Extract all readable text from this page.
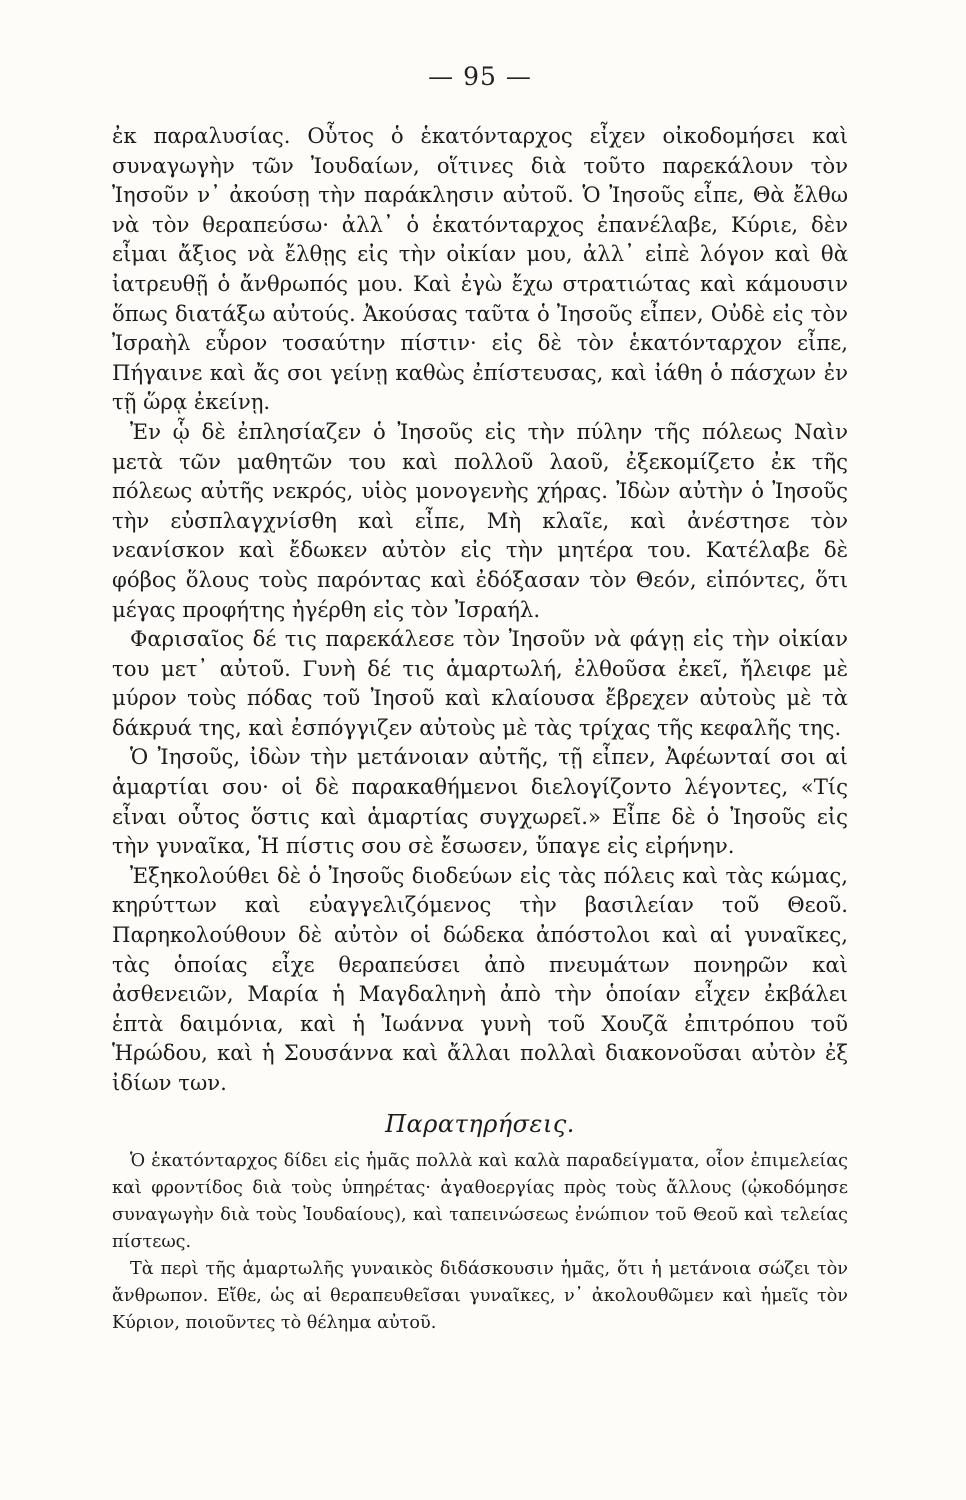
— 95 —

ἐκ παραλυσίας. Οὗτος ὁ ἑκατόνταρχος εἶχεν οἰκοδομήσει καὶ συναγωγὴν τῶν Ἰουδαίων, οἵτινες διὰ τοῦτο παρεκάλουν τὸν Ἰησοῦν ν᾽ ἀκούσῃ τὴν παράκλησιν αὐτοῦ. Ὁ Ἰησοῦς εἶπε, Θὰ ἔλθω νὰ τὸν θεραπεύσω· ἀλλ᾽ ὁ ἑκατόνταρχος ἐπανέλαβε, Κύριε, δὲν εἶμαι ἄξιος νὰ ἔλθῃς εἰς τὴν οἰκίαν μου, ἀλλ᾽ εἰπὲ λόγον καὶ θὰ ἰατρευθῇ ὁ ἄνθρωπός μου. Καὶ ἐγὼ ἔχω στρατιώτας καὶ κάμουσιν ὅπως διατάξω αὐτούς. Ἀκούσας ταῦτα ὁ Ἰησοῦς εἶπεν, Οὐδὲ εἰς τὸν Ἰσραὴλ εὗρον τοσαύτην πίστιν· εἰς δὲ τὸν ἑκατόνταρχον εἶπε, Πήγαινε καὶ ἄς σοι γείνῃ καθὼς ἐπίστευσας, καὶ ἰάθη ὁ πάσχων ἐν τῇ ὥρᾳ ἐκείνῃ.

Ἐν ᾧ δὲ ἐπλησίαζεν ὁ Ἰησοῦς εἰς τὴν πύλην τῆς πόλεως Ναὶν μετὰ τῶν μαθητῶν του καὶ πολλοῦ λαοῦ, ἐξεκομίζετο ἐκ τῆς πόλεως αὐτῆς νεκρός, υἱὸς μονογενὴς χήρας. Ἰδὼν αὐτὴν ὁ Ἰησοῦς τὴν εὐσπλαγχνίσθη καὶ εἶπε, Μὴ κλαῖε, καὶ ἀνέστησε τὸν νεανίσκον καὶ ἔδωκεν αὐτὸν εἰς τὴν μητέρα του. Κατέλαβε δὲ φόβος ὅλους τοὺς παρόντας καὶ ἐδόξασαν τὸν Θεόν, εἰπόντες, ὅτι μέγας προφήτης ἠγέρθη εἰς τὸν Ἰσραήλ.

Φαρισαῖος δέ τις παρεκάλεσε τὸν Ἰησοῦν νὰ φάγῃ εἰς τὴν οἰκίαν του μετ᾽ αὐτοῦ. Γυνὴ δέ τις ἁμαρτωλή, ἐλθοῦσα ἐκεῖ, ἤλειφε μὲ μύρον τοὺς πόδας τοῦ Ἰησοῦ καὶ κλαίουσα ἔβρεχεν αὐτοὺς μὲ τὰ δάκρυά της, καὶ ἐσπόγγιζεν αὐτοὺς μὲ τὰς τρίχας τῆς κεφαλῆς της.

Ὁ Ἰησοῦς, ἰδὼν τὴν μετάνοιαν αὐτῆς, τῇ εἶπεν, Ἀφέωνταί σοι αἱ ἁμαρτίαι σου· οἱ δὲ παρακαθήμενοι διελογίζοντο λέγοντες, «Τίς εἶναι οὗτος ὅστις καὶ ἁμαρτίας συγχωρεῖ.» Εἶπε δὲ ὁ Ἰησοῦς εἰς τὴν γυναῖκα, Ἡ πίστις σου σὲ ἔσωσεν, ὕπαγε εἰς εἰρήνην.

Ἐξηκολούθει δὲ ὁ Ἰησοῦς διοδεύων εἰς τὰς πόλεις καὶ τὰς κώμας, κηρύττων καὶ εὐαγγελιζόμενος τὴν βασιλείαν τοῦ Θεοῦ. Παρηκολούθουν δὲ αὐτὸν οἱ δώδεκα ἀπόστολοι καὶ αἱ γυναῖκες, τὰς ὁποίας εἶχε θεραπεύσει ἀπὸ πνευμάτων πονηρῶν καὶ ἀσθενειῶν, Μαρία ἡ Μαγδαληνὴ ἀπὸ τὴν ὁποίαν εἶχεν ἐκβάλει ἑπτὰ δαιμόνια, καὶ ἡ Ἰωάννα γυνὴ τοῦ Χουζᾶ ἐπιτρόπου τοῦ Ἡρώδου, καὶ ἡ Σουσάννα καὶ ἄλλαι πολλαὶ διακονοῦσαι αὐτὸν ἐξ ἰδίων των.

Παρατηρήσεις.

Ὁ ἑκατόνταρχος δίδει εἰς ἡμᾶς πολλὰ καὶ καλὰ παραδείγματα, οἷον ἐπιμελείας καὶ φροντίδος διὰ τοὺς ὑπηρέτας· ἀγαθοεργίας πρὸς τοὺς ἄλλους (ᾠκοδόμησε συναγωγὴν διὰ τοὺς Ἰουδαίους), καὶ ταπεινώσεως ἐνώπιον τοῦ Θεοῦ καὶ τελείας πίστεως.

Τὰ περὶ τῆς ἁμαρτωλῆς γυναικὸς διδάσκουσιν ἡμᾶς, ὅτι ἡ μετάνοια σώζει τὸν ἄνθρωπον. Εἴθε, ὡς αἱ θεραπευθεῖσαι γυναῖκες, ν᾽ ἀκολουθῶμεν καὶ ἡμεῖς τὸν Κύριον, ποιοῦντες τὸ θέλημα αὐτοῦ.
